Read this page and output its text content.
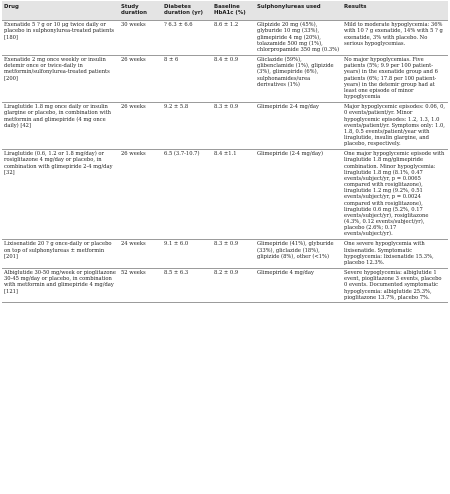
Drug	Study duration	Diabetes duration (yr)	Baseline HbA1c (%)	Sulphonylureas used	Results
Exenatide 5 ? g or 10 μg twice daily or placebo in sulphonylurea-treated patients [180]	30 weeks	? 6.3 ± 6.6	8.6 ± 1.2	Glipizide 20 mg (45%), glyburide 10 mg (33%), glimepiride 4 mg (20%), tolazamide 500 mg (1%), chlorpropamide 350 mg (0.3%)	Mild to moderate hypoglycemia: 36% with 10 ? g exenatide, 14% with 5 ? g exenatide, 3% with placebo. No serious hypoglycemias.
Exenatide 2 mg once weekly or insulin detemir once or twice-daily in metformin/sulfonylurea-treated patients [200]	26 weeks	8 ± 6	8.4 ± 0.9	Gliclazide (59%), glibenclamide (1%), glipizide (3%), glimepiride (6%), sulphonamides/urea derivatives (1%)	No major hypoglycemias. Five patients (5%; 9.9 per 100 patient-years) in the exenatide group and 6 patients (6%; 17.8 per 100 patient-years) in the detemir group had at least one episode of minor hypoglycemia
Liraglutide 1.8 mg once daily or insulin glargine or placebo, in combination with metformin and glimepiride (4 mg once daily) [42]	26 weeks	9.2 ± 5.8	8.3 ± 0.9	Glimepiride 2-4 mg/day	Major hypoglycemic episodes: 0.06, 0, 0 events/patient/yr. Minor hypoglycemic episodes: 1.2, 1.3, 1.0 events/patient/yr. Symptoms only: 1.0, 1.8, 0.5 events/patient/year with liraglutide, insulin glargine, and placebo, respectively.
Liraglutide (0.6, 1.2 or 1.8 mg/day) or rosiglitazone 4 mg/day or placebo, in combination with glimepiride 2-4 mg/day [32]	26 weeks	6.5 (3.7-10.7)	8.4 ±1.1	Glimepiride (2-4 mg/day)	One major hypoglycemic episode with liraglutide 1.8 mg/glimepiride combination. Minor hypoglycemia: liraglutide 1.8 mg (8.1%, 0.47 events/subject/yr, p = 0.0065 compared with rosiglitazone), liraglutide 1.2 mg (9.2%, 0.51 events/subject/yr, p = 0.0024 compared with rosiglitazone), liraglutide 0.6 mg (5.2%, 0.17 events/subject/yr), rosiglitazone (4.3%, 0.12 events/subject/yr), placebo (2.6%; 0.17 events/subject/yr).
Lixisenatide 20 ? g once-daily or placebo on top of sulphonylureas ± metformin [201]	24 weeks	9.1 ± 6.0	8.3 ± 0.9	Glimepiride (41%), glyburide (33%), gliclazide (18%), glipizide (8%), other (<1%)	One severe hypoglycemia with lixisenatide. Symptomatic hypoglycemia: lixisenatide 15.3%, placebo 12.3%.
Albiglutide 30-50 mg/week or pioglitazone 30-45 mg/day or placebo, in combination with metformin and glimepiride 4 mg/day [121]	52 weeks	8.5 ± 6.3	8.2 ± 0.9	Glimepiride 4 mg/day	Severe hypoglycemia: albiglutide 1 event, pioglitazone 3 events, placebo 0 events. Documented symptomatic hypoglycemia: albiglutide 25.3%, pioglitazone 13.7%, placebo 7%.
